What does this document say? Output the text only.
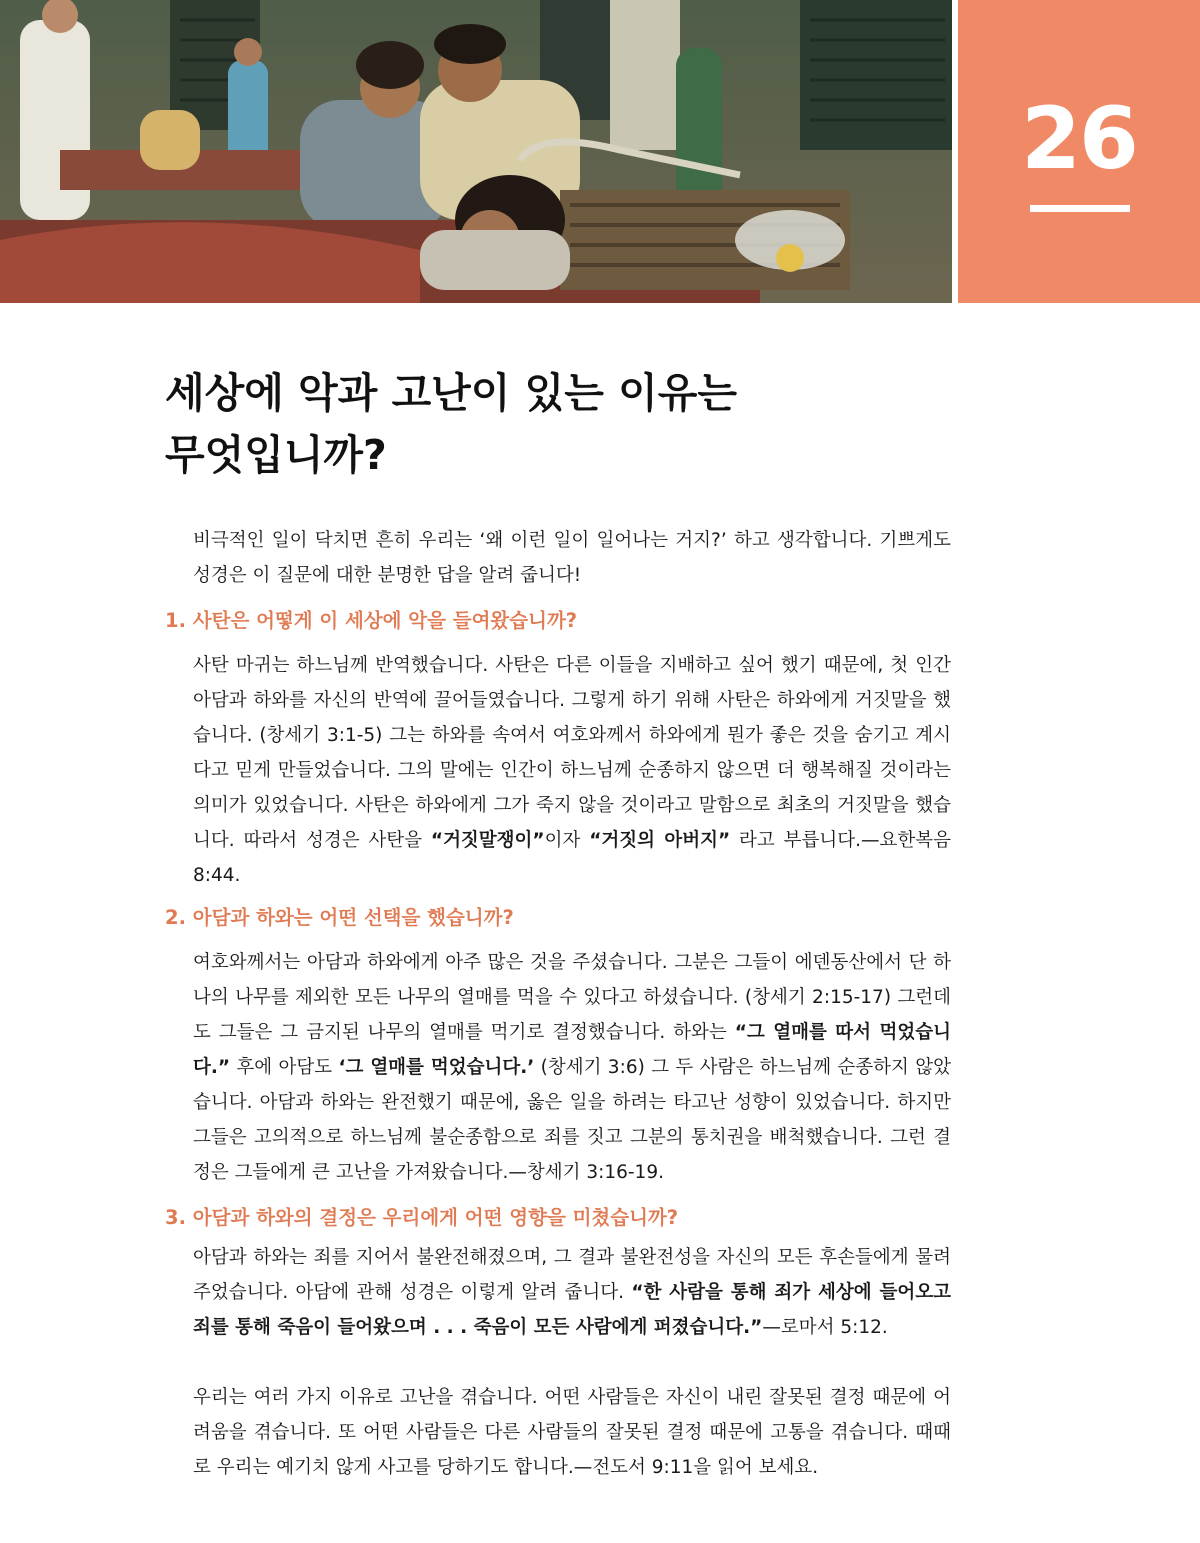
26
세상에 악과 고난이 있는 이유는
무엇입니까?

비극적인 일이 닥치면 흔히 우리는 ‘왜 이런 일이 일어나는 거지?’ 하고 생각합니다. 기쁘게도 성경은 이 질문에 대한 분명한 답을 알려 줍니다!

1. 사탄은 어떻게 이 세상에 악을 들여왔습니까?

사탄 마귀는 하느님께 반역했습니다. 사탄은 다른 이들을 지배하고 싶어 했기 때문에, 첫 인간 아담과 하와를 자신의 반역에 끌어들였습니다. 그렇게 하기 위해 사탄은 하와에게 거짓말을 했습니다. (창세기 3:1-5) 그는 하와를 속여서 여호와께서 하와에게 뭔가 좋은 것을 숨기고 계시다고 믿게 만들었습니다. 그의 말에는 인간이 하느님께 순종하지 않으면 더 행복해질 것이라는 의미가 있었습니다. 사탄은 하와에게 그가 죽지 않을 것이라고 말함으로 최초의 거짓말을 했습니다. 따라서 성경은 사탄을 “거짓말쟁이”이자 “거짓의 아버지” 라고 부릅니다.—요한복음 8:44.

2. 아담과 하와는 어떤 선택을 했습니까?

여호와께서는 아담과 하와에게 아주 많은 것을 주셨습니다. 그분은 그들이 에덴동산에서 단 하나의 나무를 제외한 모든 나무의 열매를 먹을 수 있다고 하셨습니다. (창세기 2:15-17) 그런데도 그들은 그 금지된 나무의 열매를 먹기로 결정했습니다. 하와는 “그 열매를 따서 먹었습니다.” 후에 아담도 ‘그 열매를 먹었습니다.’ (창세기 3:6) 그 두 사람은 하느님께 순종하지 않았습니다. 아담과 하와는 완전했기 때문에, 옳은 일을 하려는 타고난 성향이 있었습니다. 하지만 그들은 고의적으로 하느님께 불순종함으로 죄를 짓고 그분의 통치권을 배척했습니다. 그런 결정은 그들에게 큰 고난을 가져왔습니다.—창세기 3:16-19.

3. 아담과 하와의 결정은 우리에게 어떤 영향을 미쳤습니까?

아담과 하와는 죄를 지어서 불완전해졌으며, 그 결과 불완전성을 자신의 모든 후손들에게 물려주었습니다. 아담에 관해 성경은 이렇게 알려 줍니다. “한 사람을 통해 죄가 세상에 들어오고 죄를 통해 죽음이 들어왔으며 . . . 죽음이 모든 사람에게 퍼졌습니다.”—로마서 5:12.

우리는 여러 가지 이유로 고난을 겪습니다. 어떤 사람들은 자신이 내린 잘못된 결정 때문에 어려움을 겪습니다. 또 어떤 사람들은 다른 사람들의 잘못된 결정 때문에 고통을 겪습니다. 때때로 우리는 예기치 않게 사고를 당하기도 합니다.—전도서 9:11을 읽어 보세요.
